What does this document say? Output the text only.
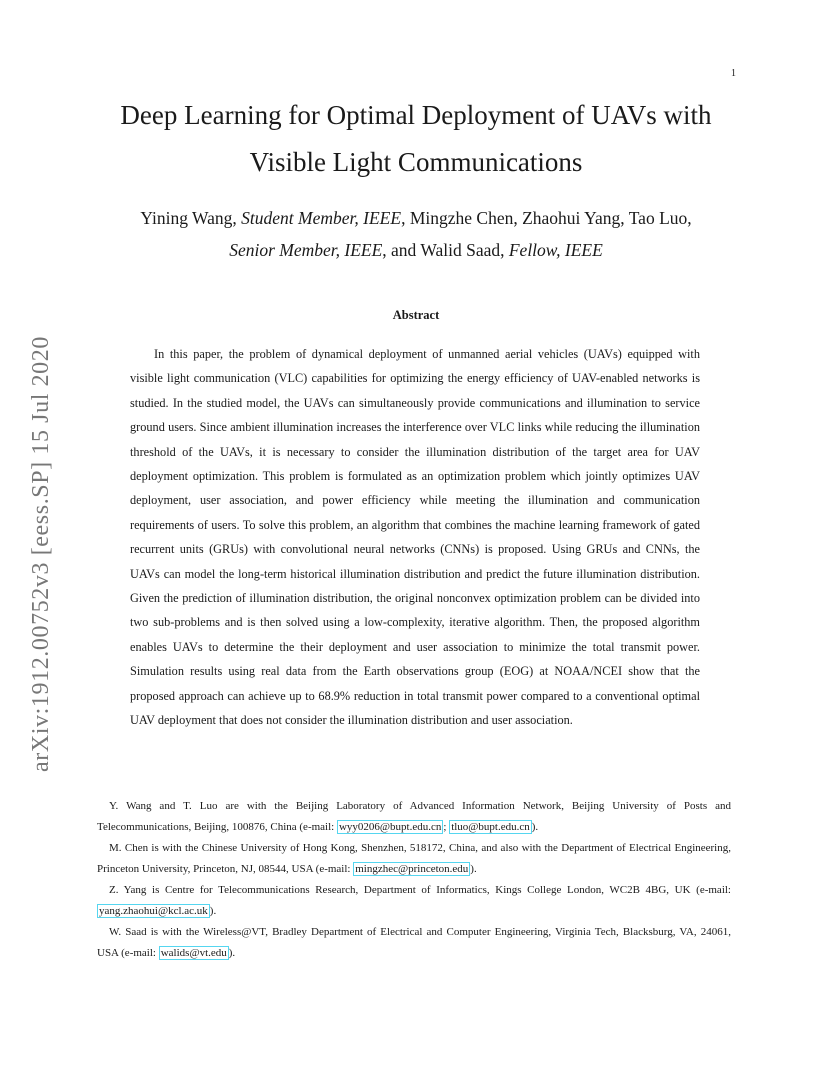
1
arXiv:1912.00752v3 [eess.SP] 15 Jul 2020
Deep Learning for Optimal Deployment of UAVs with Visible Light Communications
Yining Wang, Student Member, IEEE, Mingzhe Chen, Zhaohui Yang, Tao Luo,
Senior Member, IEEE, and Walid Saad, Fellow, IEEE
Abstract

In this paper, the problem of dynamical deployment of unmanned aerial vehicles (UAVs) equipped with visible light communication (VLC) capabilities for optimizing the energy efficiency of UAV-enabled networks is studied. In the studied model, the UAVs can simultaneously provide communications and illumination to service ground users. Since ambient illumination increases the interference over VLC links while reducing the illumination threshold of the UAVs, it is necessary to consider the illumination distribution of the target area for UAV deployment optimization. This problem is formulated as an optimization problem which jointly optimizes UAV deployment, user association, and power efficiency while meeting the illumination and communication requirements of users. To solve this problem, an algorithm that combines the machine learning framework of gated recurrent units (GRUs) with convolutional neural networks (CNNs) is proposed. Using GRUs and CNNs, the UAVs can model the long-term historical illumination distribution and predict the future illumination distribution. Given the prediction of illumination distribution, the original nonconvex optimization problem can be divided into two sub-problems and is then solved using a low-complexity, iterative algorithm. Then, the proposed algorithm enables UAVs to determine the their deployment and user association to minimize the total transmit power. Simulation results using real data from the Earth observations group (EOG) at NOAA/NCEI show that the proposed approach can achieve up to 68.9% reduction in total transmit power compared to a conventional optimal UAV deployment that does not consider the illumination distribution and user association.

Y. Wang and T. Luo are with the Beijing Laboratory of Advanced Information Network, Beijing University of Posts and Telecommunications, Beijing, 100876, China (e-mail: wyy0206@bupt.edu.cn ; tluo@bupt.edu.cn ).

M. Chen is with the Chinese University of Hong Kong, Shenzhen, 518172, China, and also with the Department of Electrical Engineering, Princeton University, Princeton, NJ, 08544, USA (e-mail: mingzhec@princeton.edu ).

Z. Yang is Centre for Telecommunications Research, Department of Informatics, Kings College London, WC2B 4BG, UK (e-mail: yang.zhaohui@kcl.ac.uk ).

W. Saad is with the Wireless@VT, Bradley Department of Electrical and Computer Engineering, Virginia Tech, Blacksburg, VA, 24061, USA (e-mail: walids@vt.edu ).
